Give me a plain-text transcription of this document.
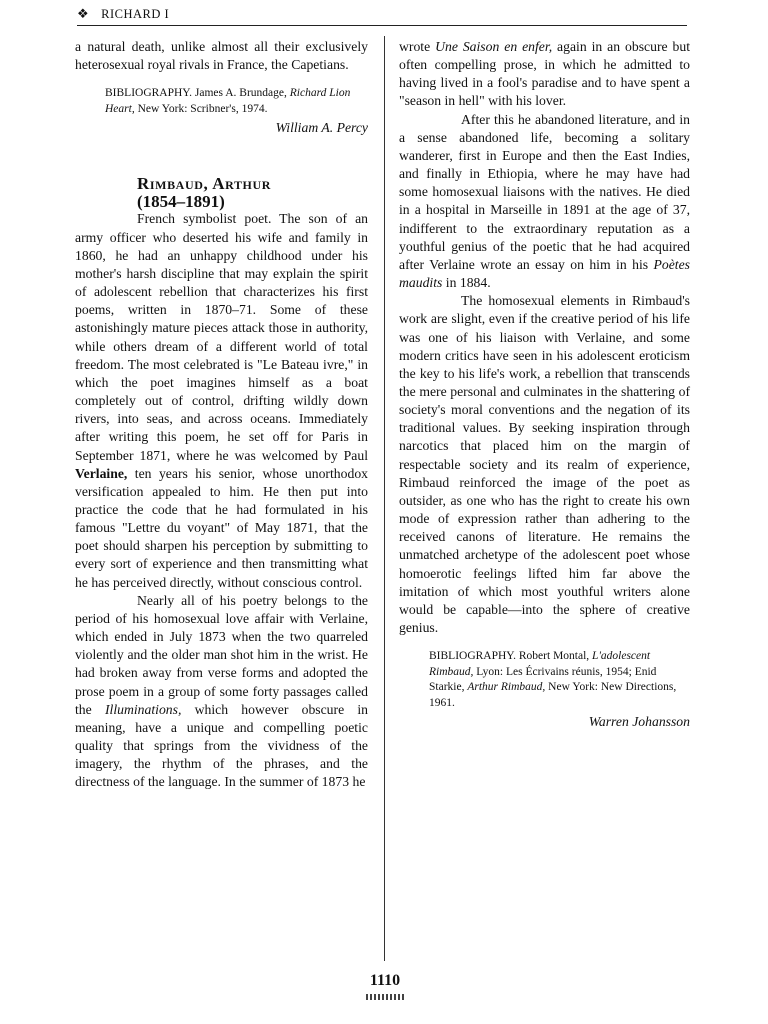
❖ RICHARD I

a natural death, unlike almost all their exclusively heterosexual royal rivals in France, the Capetians.

BIBLIOGRAPHY. James A. Brundage, Richard Lion Heart, New York: Scribner's, 1974.

William A. Percy

Rimbaud, Arthur
(1854–1891)

French symbolist poet. The son of an army officer who deserted his wife and family in 1860, he had an unhappy childhood under his mother's harsh discipline that may explain the spirit of adolescent rebellion that characterizes his first poems, written in 1870–71. Some of these astonishingly mature pieces attack those in authority, while others dream of a different world of total freedom. The most celebrated is "Le Bateau ivre," in which the poet imagines himself as a boat completely out of control, drifting wildly down rivers, into seas, and across oceans. Immediately after writing this poem, he set off for Paris in September 1871, where he was welcomed by Paul Verlaine, ten years his senior, whose unorthodox versification appealed to him. He then put into practice the code that he had formulated in his famous "Lettre du voyant" of May 1871, that the poet should sharpen his perception by submitting to every sort of experience and then transmitting what he has perceived directly, without conscious control.

Nearly all of his poetry belongs to the period of his homosexual love affair with Verlaine, which ended in July 1873 when the two quarreled violently and the older man shot him in the wrist. He had broken away from verse forms and adopted the prose poem in a group of some forty passages called the Illuminations, which however obscure in meaning, have a unique and compelling poetic quality that springs from the vividness of the imagery, the rhythm of the phrases, and the directness of the language. In the summer of 1873 he

wrote Une Saison en enfer, again in an obscure but often compelling prose, in which he admitted to having lived in a fool's paradise and to have spent a "season in hell" with his lover.

After this he abandoned literature, and in a sense abandoned life, becoming a solitary wanderer, first in Europe and then the East Indies, and finally in Ethiopia, where he may have had some homosexual liaisons with the natives. He died in a hospital in Marseille in 1891 at the age of 37, indifferent to the extraordinary reputation as a youthful genius of the poetic that he had acquired after Verlaine wrote an essay on him in his Poètes maudits in 1884.

The homosexual elements in Rimbaud's work are slight, even if the creative period of his life was one of his liaison with Verlaine, and some modern critics have seen in his adolescent eroticism the key to his life's work, a rebellion that transcends the mere personal and culminates in the shattering of society's moral conventions and the negation of its traditional values. By seeking inspiration through narcotics that placed him on the margin of respectable society and its realm of experience, Rimbaud reinforced the image of the poet as outsider, as one who has the right to create his own mode of expression rather than adhering to the received canons of literature. He remains the unmatched archetype of the adolescent poet whose homoerotic feelings lifted him far above the imitation of which most youthful writers alone would be capable—into the sphere of creative genius.

BIBLIOGRAPHY. Robert Montal, L'adolescent Rimbaud, Lyon: Les Écrivains réunis, 1954; Enid Starkie, Arthur Rimbaud, New York: New Directions, 1961.

Warren Johansson

1110
